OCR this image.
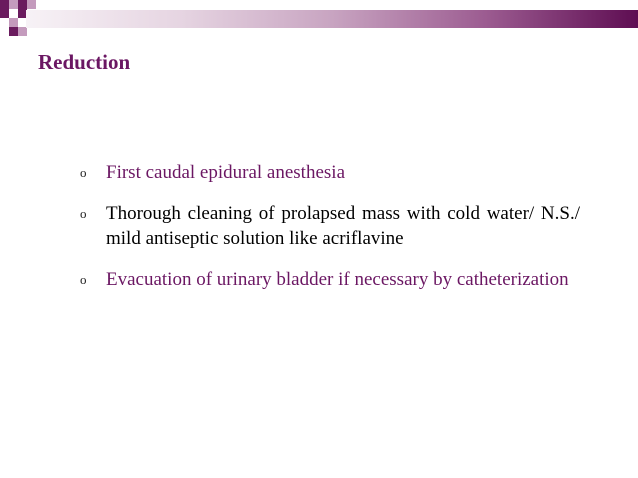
Reduction
o First caudal epidural anesthesia
o Thorough cleaning of prolapsed mass with cold water/ N.S./ mild antiseptic solution like acriflavine
o Evacuation of urinary bladder if necessary by catheterization
